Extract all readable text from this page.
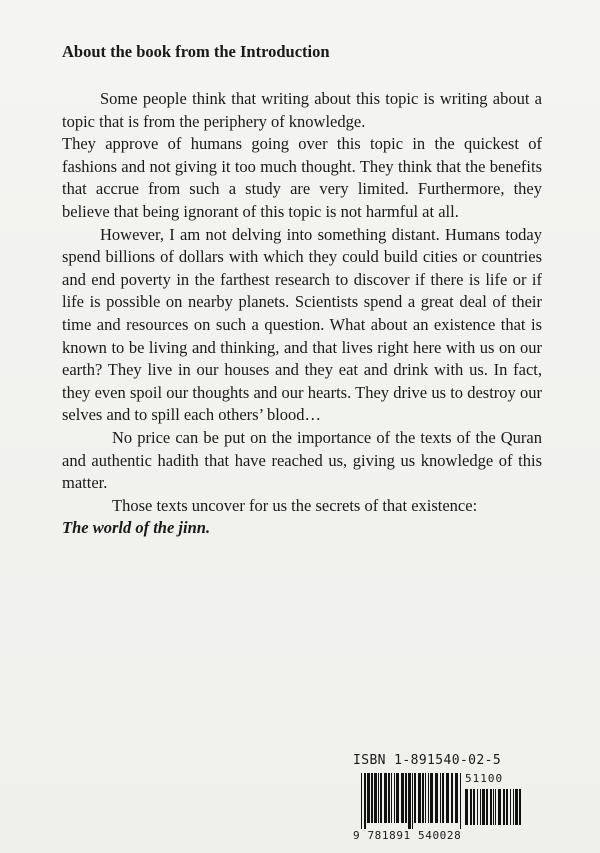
About the book from the Introduction

Some people think that writing about this topic is writing about a topic that is from the periphery of knowledge.

They approve of humans going over this topic in the quickest of fashions and not giving it too much thought. They think that the benefits that accrue from such a study are very limited. Furthermore, they believe that being ignorant of this topic is not harmful at all.

However, I am not delving into something distant. Humans today spend billions of dollars with which they could build cities or countries and end poverty in the farthest research to discover if there is life or if life is possible on nearby planets. Scientists spend a great deal of their time and resources on such a question. What about an existence that is known to be living and thinking, and that lives right here with us on our earth? They live in our houses and they eat and drink with us. In fact, they even spoil our thoughts and our hearts. They drive us to destroy our selves and to spill each others’ blood…

No price can be put on the importance of the texts of the Quran and authentic hadith that have reached us, giving us knowledge of this matter.

Those texts uncover for us the secrets of that existence:

The world of the jinn.

ISBN 1-891540-02-5
51100
9 781891 540028
